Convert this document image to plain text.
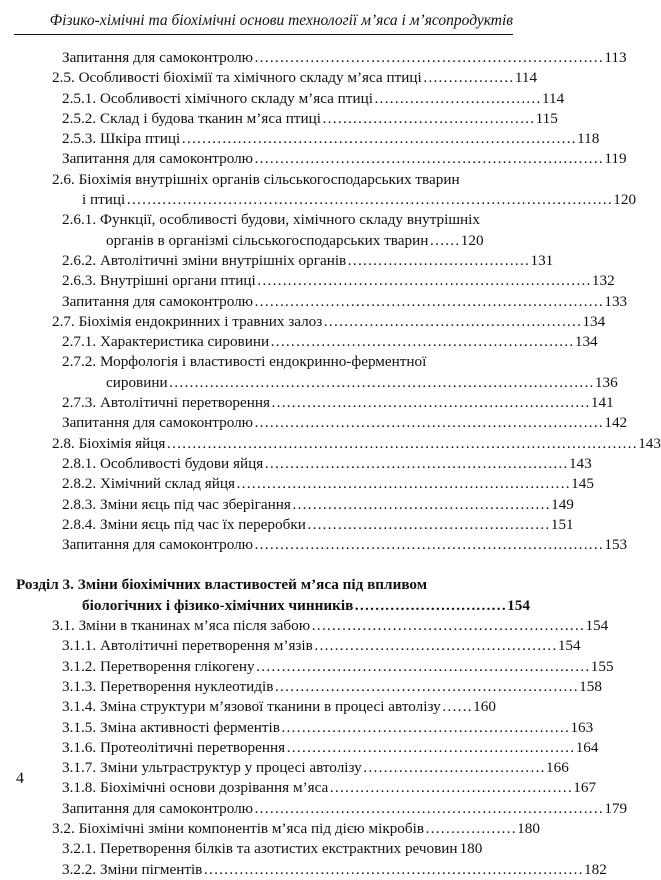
Фізико-хімічні та біохімічні основи технології м’яса і м’ясопродуктів
Запитання для самоконтролю …………………………………………………………… 113
2.5. Особливості біохімії та хімічного складу м’яса птиці ……………… 114
2.5.1. Особливості хімічного складу м’яса птиці …………………………… 114
2.5.2. Склад і будова тканин м’яса птиці …………………………………… 115
2.5.3. Шкіра птиці …………………………………………………………………… 118
Запитання для самоконтролю …………………………………………………………… 119
2.6. Біохімія внутрішніх органів сільськогосподарських тварин
і птиці …………………………………………………………………………………… 120
2.6.1. Функції, особливості будови, хімічного складу внутрішніх
органів в організмі сільськогосподарських тварин …… 120
2.6.2. Автолітичні зміни внутрішніх органів ……………………………… 131
2.6.3. Внутрішні органи птиці ………………………………………………………… 132
Запитання для самоконтролю …………………………………………………………… 133
2.7. Біохімія ендокринних і травних залоз …………………………………………… 134
2.7.1. Характеристика сировини …………………………………………………… 134
2.7.2. Морфологія і властивості ендокринно-ферментної
сировини ………………………………………………………………………… 136
2.7.3. Автолітичні перетворення ……………………………………………………… 141
Запитання для самоконтролю …………………………………………………………… 142
2.8. Біохімія яйця ………………………………………………………………………………… 143
2.8.1. Особливості будови яйця …………………………………………………… 143
2.8.2. Хімічний склад яйця ………………………………………………………… 145
2.8.3. Зміни яєць під час зберігання …………………………………………… 149
2.8.4. Зміни яєць під час їх переробки ………………………………………… 151
Запитання для самоконтролю …………………………………………………………… 153
Розділ 3. Зміни біохімічних властивостей м’яса під впливом
біологічних і фізико-хімічних чинників ………………………… 154
3.1. Зміни в тканинах м’яса після забою ……………………………………………… 154
3.1.1. Автолітичні перетворення м’язів ………………………………………… 154
3.1.2. Перетворення глікогену ………………………………………………………… 155
3.1.3. Перетворення нуклеотидів …………………………………………………… 158
3.1.4. Зміна структури м’язової тканини в процесі автолізу …… 160
3.1.5. Зміна активності ферментів ………………………………………………… 163
3.1.6. Протеолітичні перетворення ………………………………………………… 164
3.1.7. Зміни ультраструктур у процесі автолізу ……………………………… 166
3.1.8. Біохімічні основи дозрівання м’яса ………………………………………… 167
Запитання для самоконтролю …………………………………………………………… 179
3.2. Біохімічні зміни компонентів м’яса під дією мікробів ……………… 180
3.2.1. Перетворення білків та азотистих екстрактних речовин 180
3.2.2. Зміни пігментів ………………………………………………………………… 182
4
